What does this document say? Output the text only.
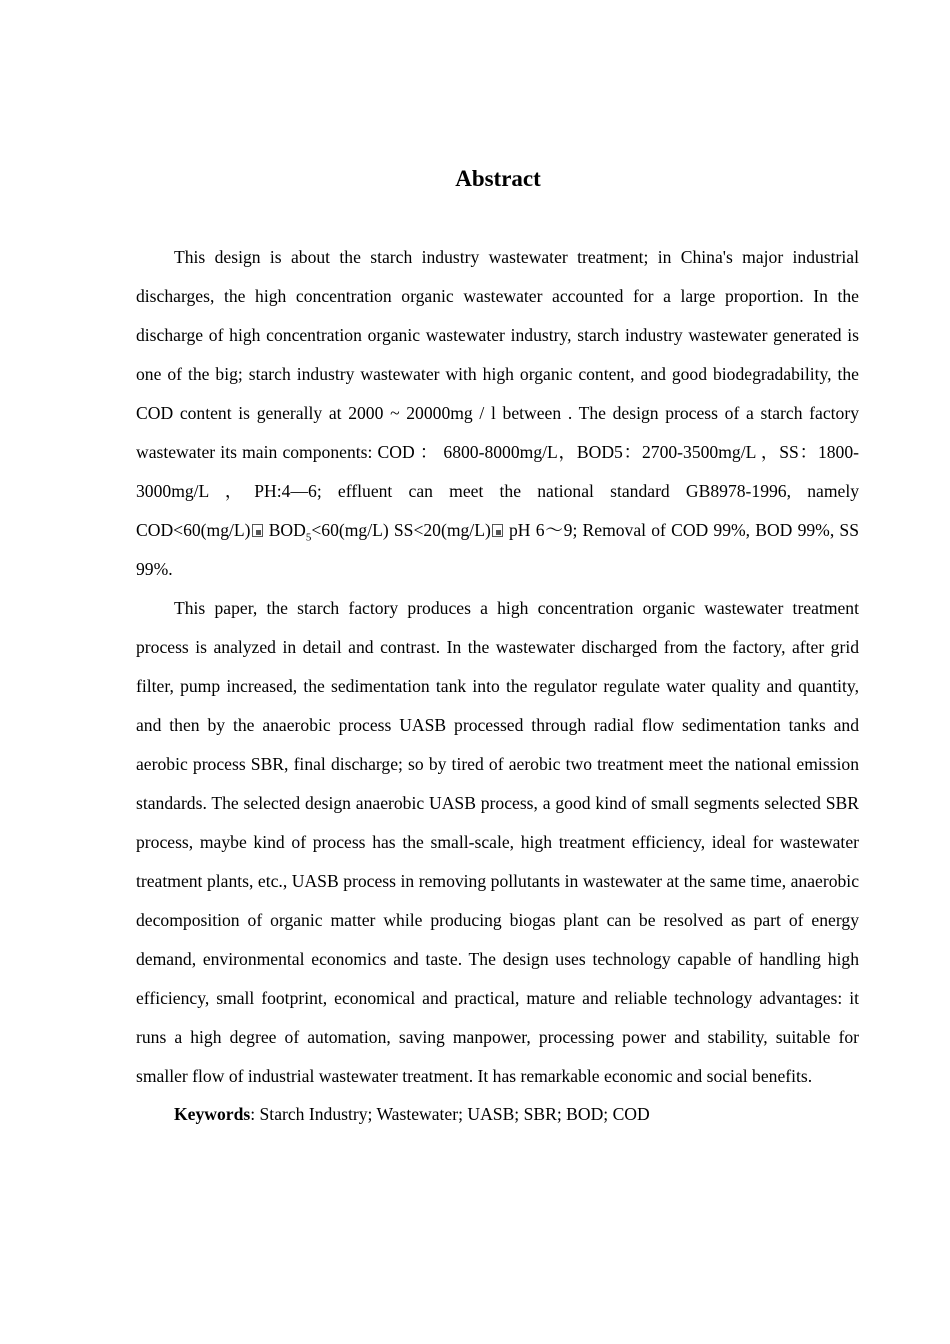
Abstract

This design is about the starch industry wastewater treatment; in China's major industrial discharges, the high concentration organic wastewater accounted for a large proportion. In the discharge of high concentration organic wastewater industry, starch industry wastewater generated is one of the big; starch industry wastewater with high organic content, and good biodegradability, the COD content is generally at 2000 ~ 20000mg / l between . The design process of a starch factory wastewater its main components: COD ： 6800-8000mg/L，BOD5：2700-3500mg/L ，SS：1800-3000mg/L ，PH:4—6; effluent can meet the national standard GB8978-1996, namely COD<60(mg/L) $BOD_5<60(mg/L)$ SS<20(mg/L) pH 6～9; Removal of COD 99%, BOD 99%, SS 99%.

This paper, the starch factory produces a high concentration organic wastewater treatment process is analyzed in detail and contrast. In the wastewater discharged from the factory, after grid filter, pump increased, the sedimentation tank into the regulator regulate water quality and quantity, and then by the anaerobic process UASB processed through radial flow sedimentation tanks and aerobic process SBR, final discharge; so by tired of aerobic two treatment meet the national emission standards. The selected design anaerobic UASB process, a good kind of small segments selected SBR process, maybe kind of process has the small-scale, high treatment efficiency, ideal for wastewater treatment plants, etc., UASB process in removing pollutants in wastewater at the same time, anaerobic decomposition of organic matter while producing biogas plant can be resolved as part of energy demand, environmental economics and taste. The design uses technology capable of handling high efficiency, small footprint, economical and practical, mature and reliable technology advantages: it runs a high degree of automation, saving manpower, processing power and stability, suitable for smaller flow of industrial wastewater treatment. It has remarkable economic and social benefits.

Keywords: Starch Industry; Wastewater; UASB; SBR; BOD; COD
